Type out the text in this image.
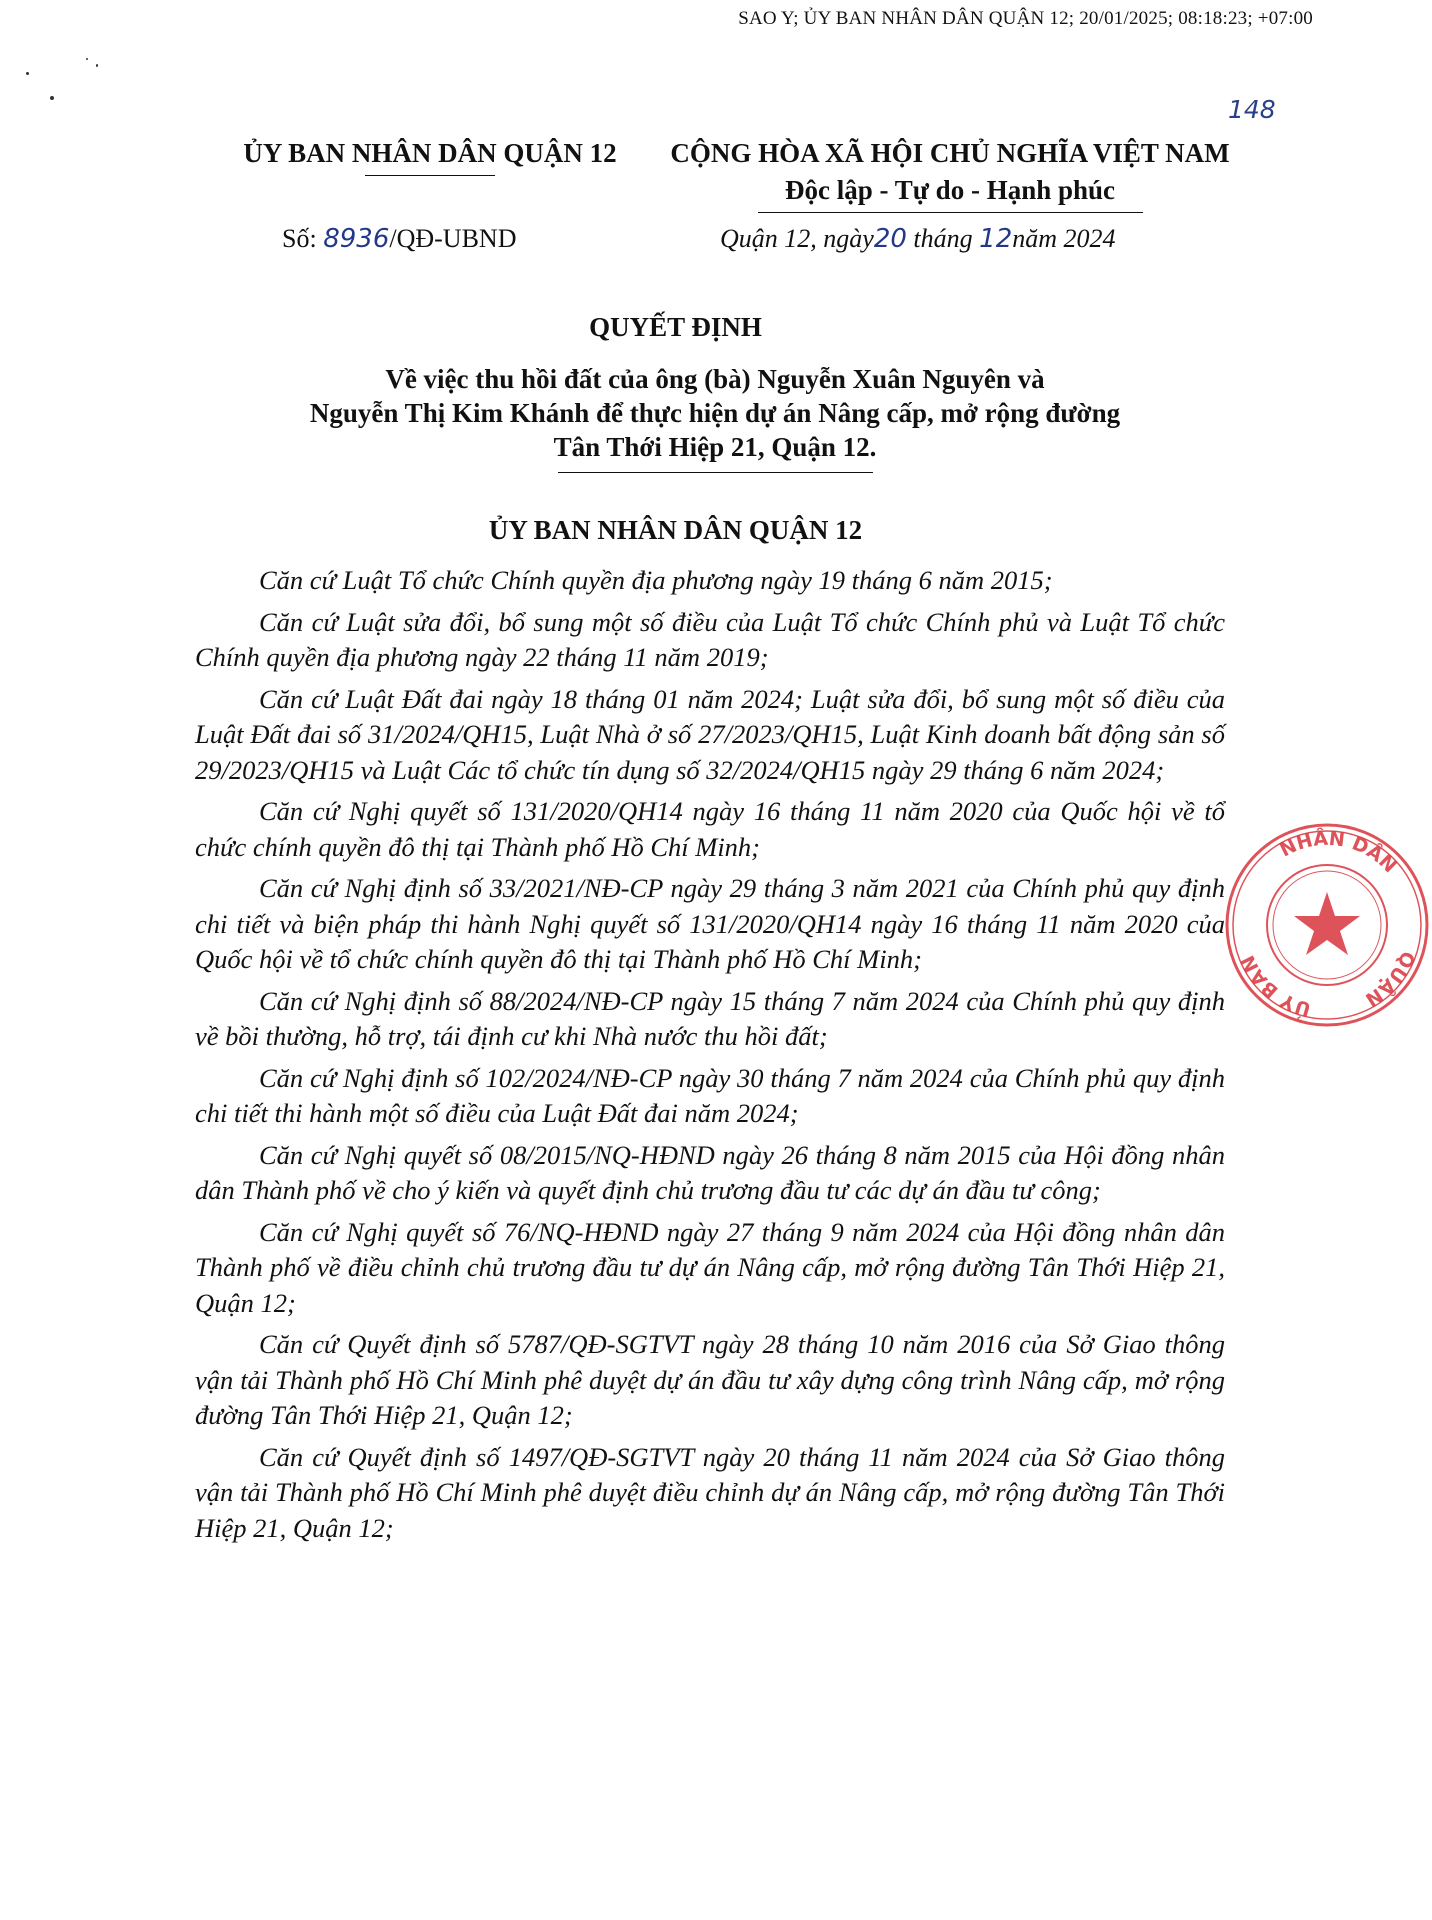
SAO Y; ỦY BAN NHÂN DÂN QUẬN 12; 20/01/2025; 08:18:23; +07:00
148
ỦY BAN NHÂN DÂN QUẬN 12	CỘNG HÒA XÃ HỘI CHỦ NGHĨA VIỆT NAM
Độc lập - Tự do - Hạnh phúc
Số: 8936/QĐ-UBND	Quận 12, ngày20 tháng 12năm 2024
QUYẾT ĐỊNH
Về việc thu hồi đất của ông (bà) Nguyễn Xuân Nguyên và
Nguyễn Thị Kim Khánh để thực hiện dự án Nâng cấp, mở rộng đường
Tân Thới Hiệp 21, Quận 12.
ỦY BAN NHÂN DÂN QUẬN 12

Căn cứ Luật Tổ chức Chính quyền địa phương ngày 19 tháng 6 năm 2015;

Căn cứ Luật sửa đổi, bổ sung một số điều của Luật Tổ chức Chính phủ và Luật Tổ chức Chính quyền địa phương ngày 22 tháng 11 năm 2019;

Căn cứ Luật Đất đai ngày 18 tháng 01 năm 2024; Luật sửa đổi, bổ sung một số điều của Luật Đất đai số 31/2024/QH15, Luật Nhà ở số 27/2023/QH15, Luật Kinh doanh bất động sản số 29/2023/QH15 và Luật Các tổ chức tín dụng số 32/2024/QH15 ngày 29 tháng 6 năm 2024;

Căn cứ Nghị quyết số 131/2020/QH14 ngày 16 tháng 11 năm 2020 của Quốc hội về tổ chức chính quyền đô thị tại Thành phố Hồ Chí Minh;

Căn cứ Nghị định số 33/2021/NĐ-CP ngày 29 tháng 3 năm 2021 của Chính phủ quy định chi tiết và biện pháp thi hành Nghị quyết số 131/2020/QH14 ngày 16 tháng 11 năm 2020 của Quốc hội về tổ chức chính quyền đô thị tại Thành phố Hồ Chí Minh;

Căn cứ Nghị định số 88/2024/NĐ-CP ngày 15 tháng 7 năm 2024 của Chính phủ quy định về bồi thường, hỗ trợ, tái định cư khi Nhà nước thu hồi đất;

Căn cứ Nghị định số 102/2024/NĐ-CP ngày 30 tháng 7 năm 2024 của Chính phủ quy định chi tiết thi hành một số điều của Luật Đất đai năm 2024;

Căn cứ Nghị quyết số 08/2015/NQ-HĐND ngày 26 tháng 8 năm 2015 của Hội đồng nhân dân Thành phố về cho ý kiến và quyết định chủ trương đầu tư các dự án đầu tư công;

Căn cứ Nghị quyết số 76/NQ-HĐND ngày 27 tháng 9 năm 2024 của Hội đồng nhân dân Thành phố về điều chỉnh chủ trương đầu tư dự án Nâng cấp, mở rộng đường Tân Thới Hiệp 21, Quận 12;

Căn cứ Quyết định số 5787/QĐ-SGTVT ngày 28 tháng 10 năm 2016 của Sở Giao thông vận tải Thành phố Hồ Chí Minh phê duyệt dự án đầu tư xây dựng công trình Nâng cấp, mở rộng đường Tân Thới Hiệp 21, Quận 12;

Căn cứ Quyết định số 1497/QĐ-SGTVT ngày 20 tháng 11 năm 2024 của Sở Giao thông vận tải Thành phố Hồ Chí Minh phê duyệt điều chỉnh dự án Nâng cấp, mở rộng đường Tân Thới Hiệp 21, Quận 12;

QUẬN
NHÂN DÂN
ỦY BAN
